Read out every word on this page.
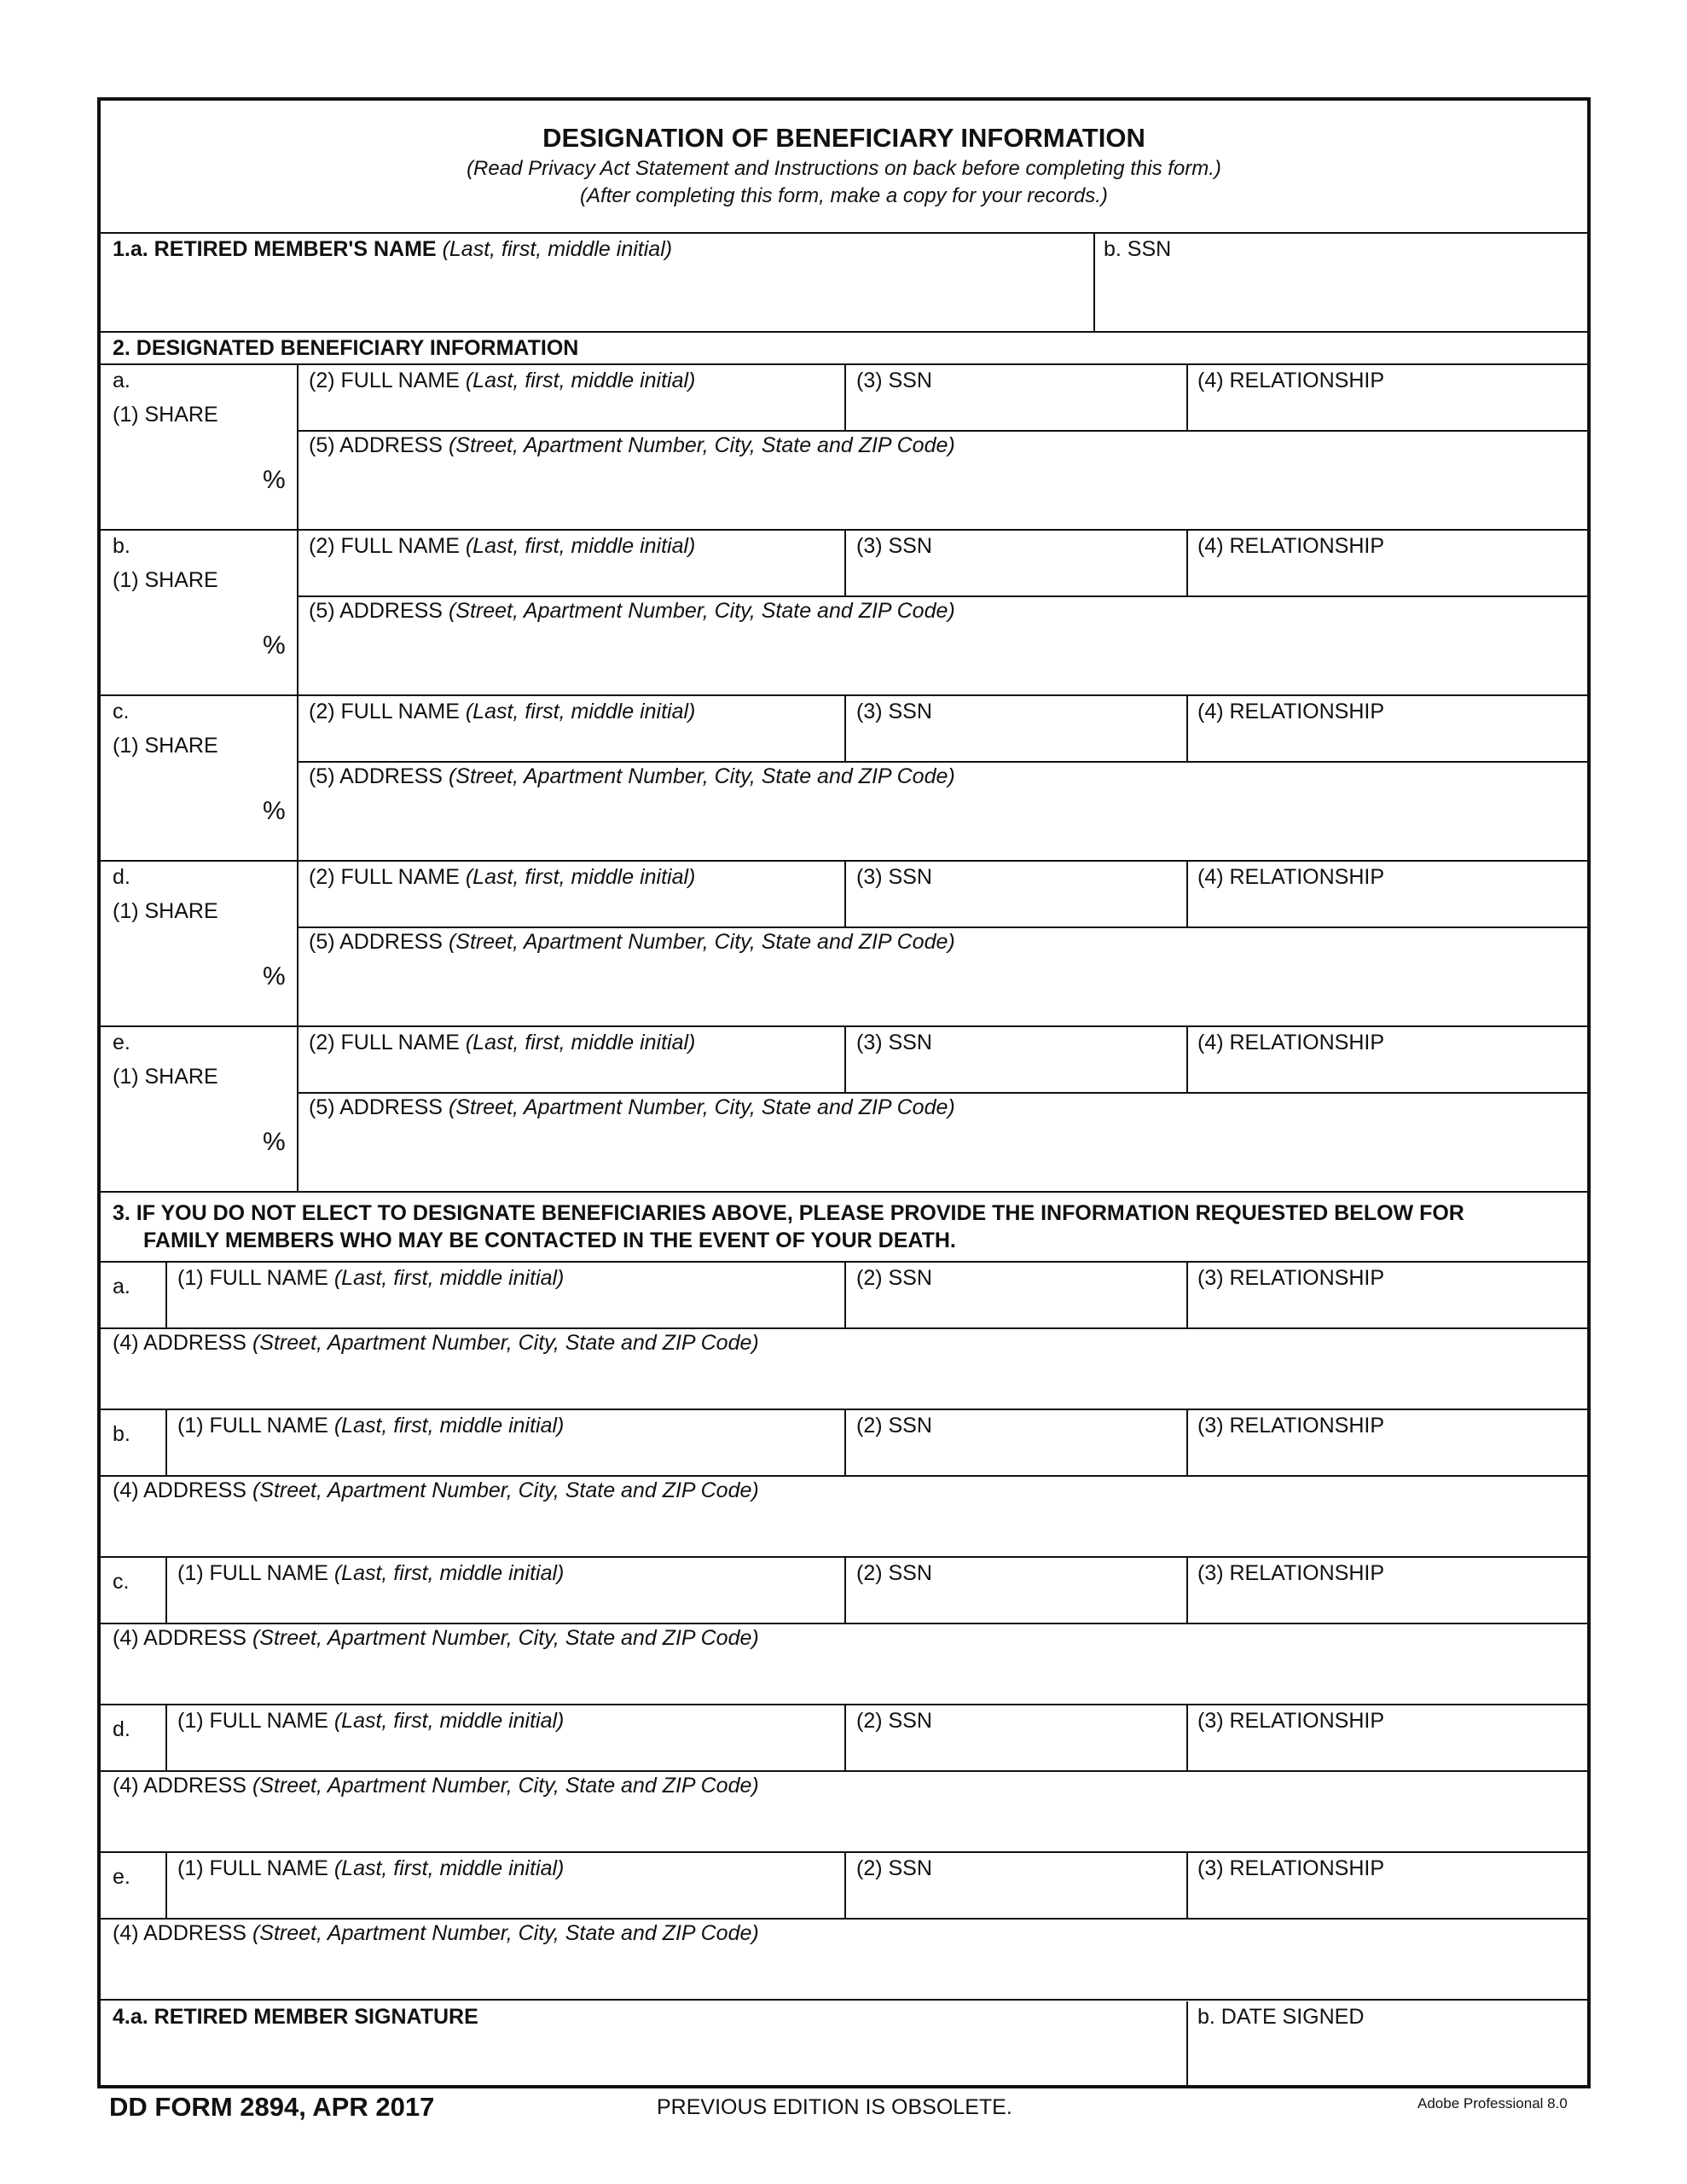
DESIGNATION OF BENEFICIARY INFORMATION
(Read Privacy Act Statement and Instructions on back before completing this form.)
(After completing this form, make a copy for your records.)
1.a. RETIRED MEMBER'S NAME (Last, first, middle initial)	b. SSN
2. DESIGNATED BENEFICIARY INFORMATION
a.
(1) SHARE
%
(2) FULL NAME (Last, first, middle initial)	(3) SSN	(4) RELATIONSHIP
(5) ADDRESS (Street, Apartment Number, City, State and ZIP Code)
b.
(1) SHARE
%
(2) FULL NAME (Last, first, middle initial)	(3) SSN	(4) RELATIONSHIP
(5) ADDRESS (Street, Apartment Number, City, State and ZIP Code)
c.
(1) SHARE
%
(2) FULL NAME (Last, first, middle initial)	(3) SSN	(4) RELATIONSHIP
(5) ADDRESS (Street, Apartment Number, City, State and ZIP Code)
d.
(1) SHARE
%
(2) FULL NAME (Last, first, middle initial)	(3) SSN	(4) RELATIONSHIP
(5) ADDRESS (Street, Apartment Number, City, State and ZIP Code)
e.
(1) SHARE
%
(2) FULL NAME (Last, first, middle initial)	(3) SSN	(4) RELATIONSHIP
(5) ADDRESS (Street, Apartment Number, City, State and ZIP Code)
3. IF YOU DO NOT ELECT TO DESIGNATE BENEFICIARIES ABOVE, PLEASE PROVIDE THE INFORMATION REQUESTED BELOW FOR
FAMILY MEMBERS WHO MAY BE CONTACTED IN THE EVENT OF YOUR DEATH.
a. (1) FULL NAME (Last, first, middle initial)	(2) SSN	(3) RELATIONSHIP
(4) ADDRESS (Street, Apartment Number, City, State and ZIP Code)
b. (1) FULL NAME (Last, first, middle initial)	(2) SSN	(3) RELATIONSHIP
(4) ADDRESS (Street, Apartment Number, City, State and ZIP Code)
c. (1) FULL NAME (Last, first, middle initial)	(2) SSN	(3) RELATIONSHIP
(4) ADDRESS (Street, Apartment Number, City, State and ZIP Code)
d. (1) FULL NAME (Last, first, middle initial)	(2) SSN	(3) RELATIONSHIP
(4) ADDRESS (Street, Apartment Number, City, State and ZIP Code)
e. (1) FULL NAME (Last, first, middle initial)	(2) SSN	(3) RELATIONSHIP
(4) ADDRESS (Street, Apartment Number, City, State and ZIP Code)
4.a. RETIRED MEMBER SIGNATURE	b. DATE SIGNED
DD FORM 2894, APR 2017	PREVIOUS EDITION IS OBSOLETE.	Adobe Professional 8.0
